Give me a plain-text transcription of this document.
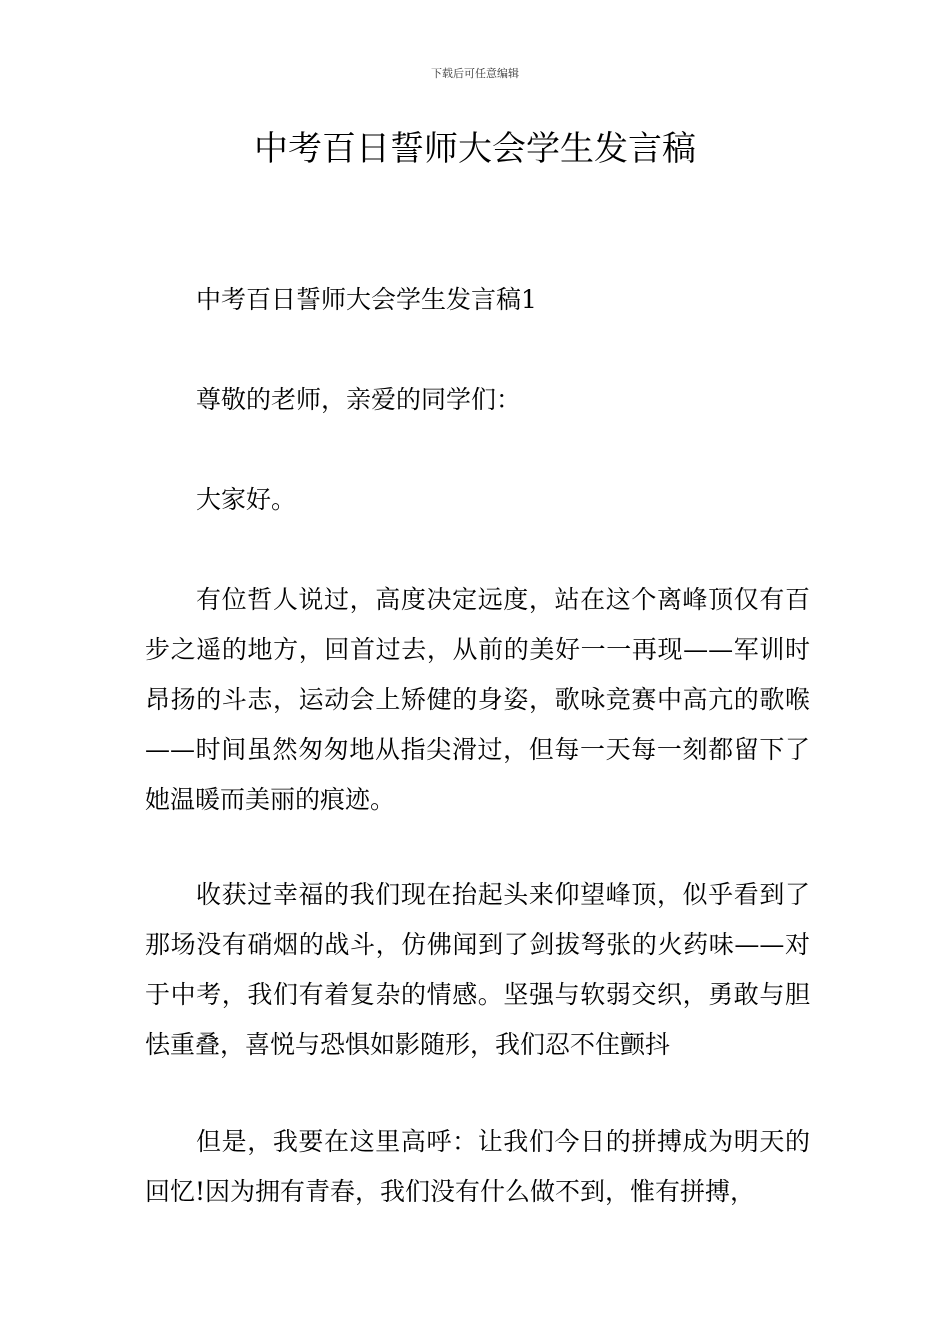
下载后可任意编辑
中考百日誓师大会学生发言稿

中考百日誓师大会学生发言稿1

尊敬的老师，亲爱的同学们：

大家好。

有位哲人说过，高度决定远度，站在这个离峰顶仅有百步之遥的地方，回首过去，从前的美好一一再现——军训时昂扬的斗志，运动会上矫健的身姿，歌咏竞赛中高亢的歌喉——时间虽然匆匆地从指尖滑过，但每一天每一刻都留下了她温暖而美丽的痕迹。

收获过幸福的我们现在抬起头来仰望峰顶，似乎看到了那场没有硝烟的战斗，仿佛闻到了剑拔弩张的火药味——对于中考，我们有着复杂的情感。坚强与软弱交织，勇敢与胆怯重叠，喜悦与恐惧如影随形，我们忍不住颤抖

但是，我要在这里高呼：让我们今日的拼搏成为明天的回忆!因为拥有青春，我们没有什么做不到，惟有拼搏，
